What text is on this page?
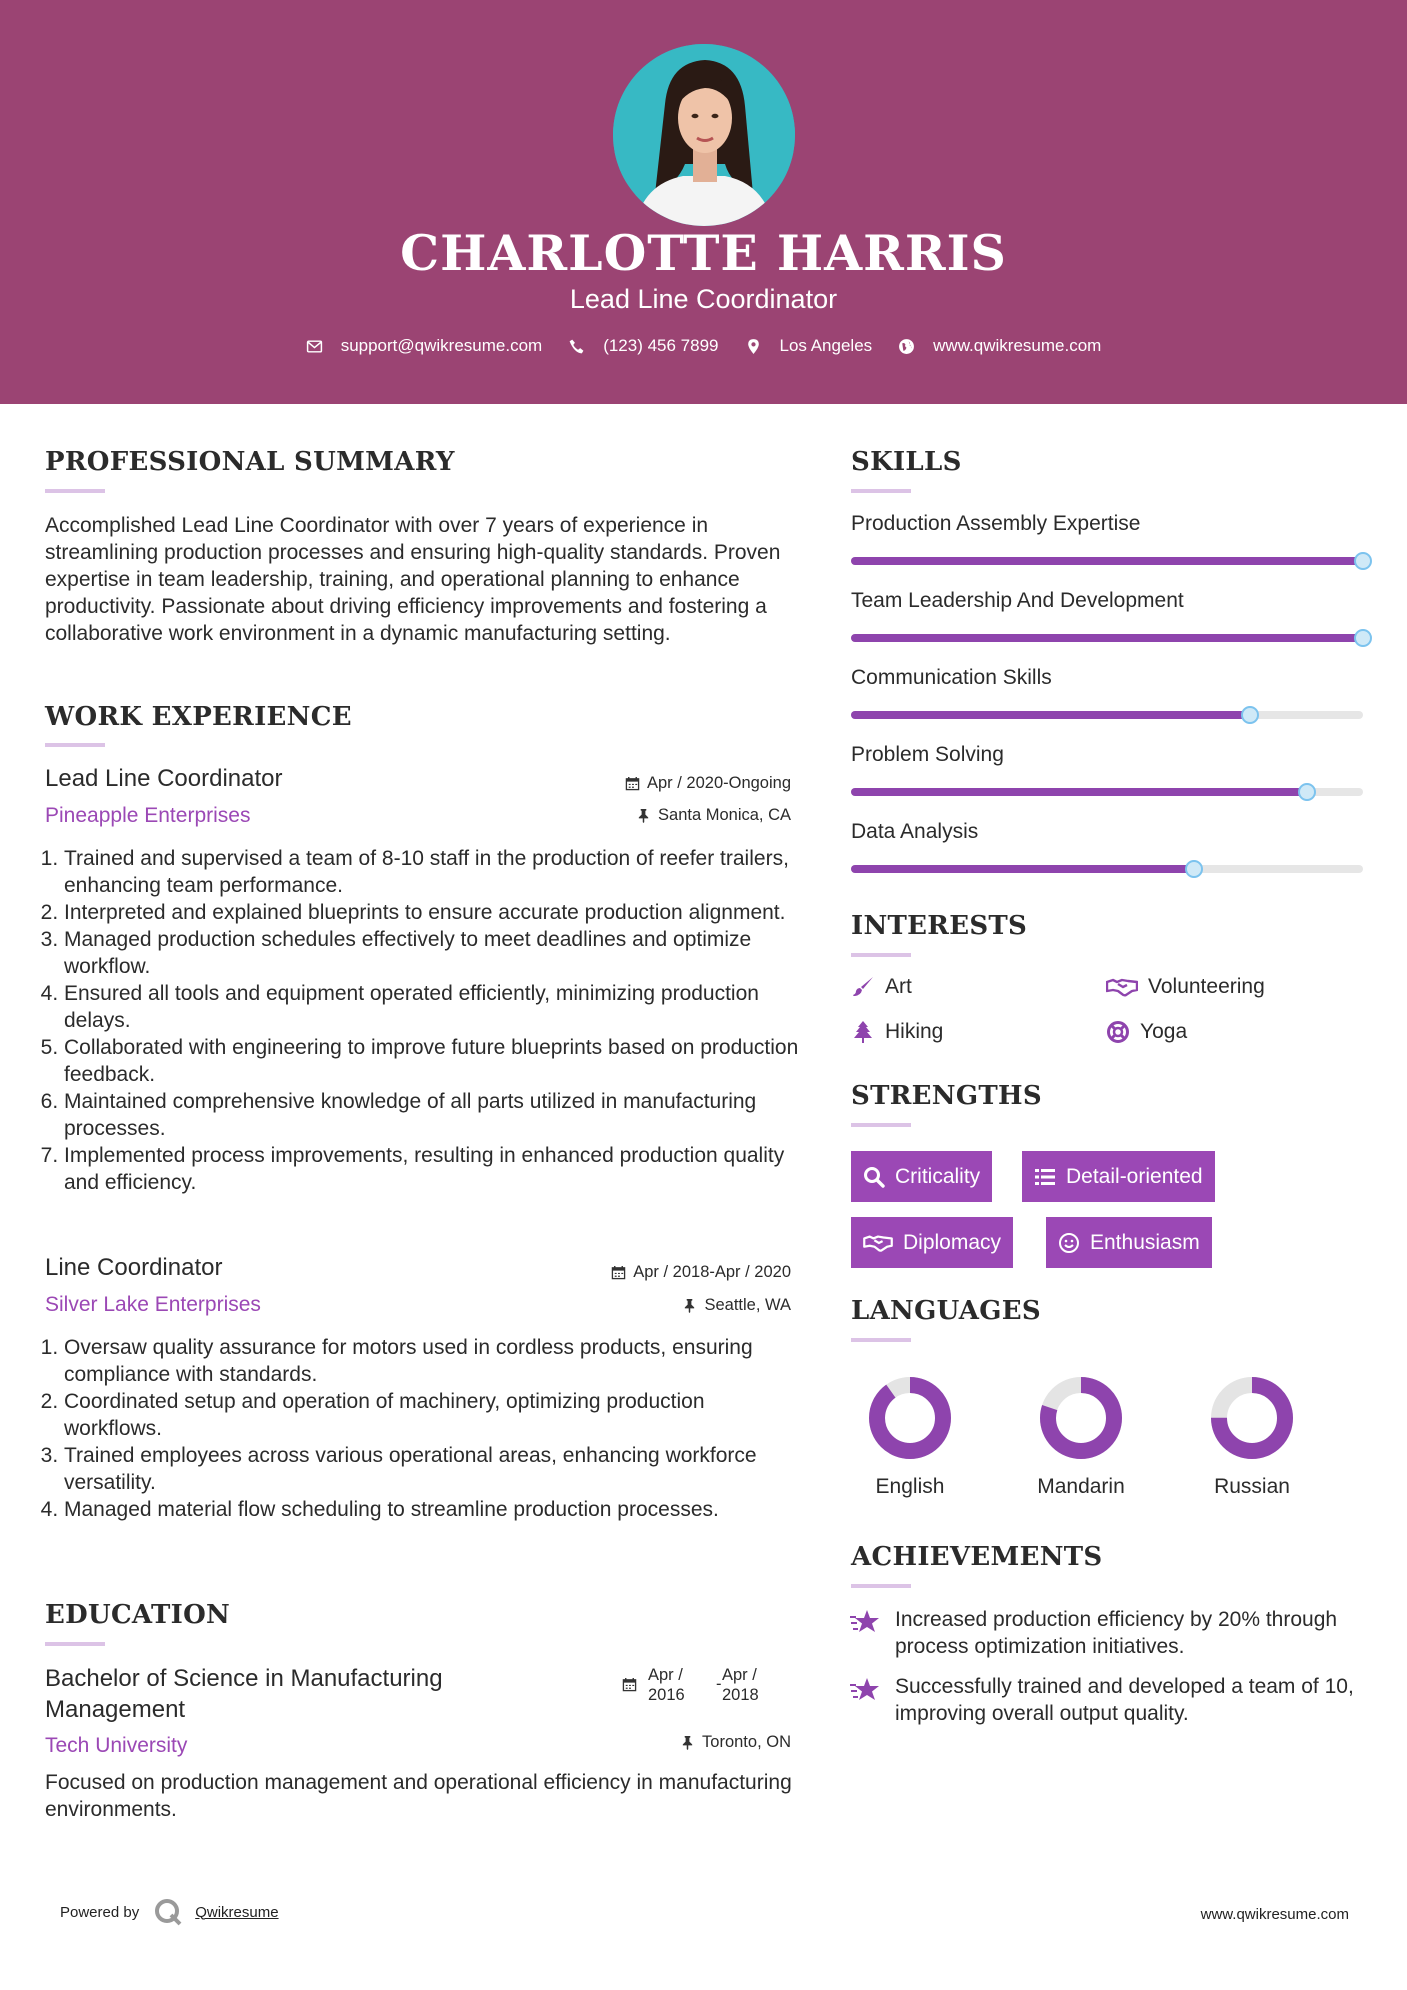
CHARLOTTE HARRIS
Lead Line Coordinator
support@qwikresume.com	(123) 456 7899	Los Angeles	www.qwikresume.com
PROFESSIONAL SUMMARY
Accomplished Lead Line Coordinator with over 7 years of experience in streamlining production processes and ensuring high-quality standards. Proven expertise in team leadership, training, and operational planning to enhance productivity. Passionate about driving efficiency improvements and fostering a collaborative work environment in a dynamic manufacturing setting.
WORK EXPERIENCE
Lead Line Coordinator
Pineapple Enterprises
Apr / 2020-Ongoing
Santa Monica, CA
1. Trained and supervised a team of 8-10 staff in the production of reefer trailers, enhancing team performance.
2. Interpreted and explained blueprints to ensure accurate production alignment.
3. Managed production schedules effectively to meet deadlines and optimize workflow.
4. Ensured all tools and equipment operated efficiently, minimizing production delays.
5. Collaborated with engineering to improve future blueprints based on production feedback.
6. Maintained comprehensive knowledge of all parts utilized in manufacturing processes.
7. Implemented process improvements, resulting in enhanced production quality and efficiency.
Line Coordinator
Silver Lake Enterprises
Apr / 2018-Apr / 2020
Seattle, WA
1. Oversaw quality assurance for motors used in cordless products, ensuring compliance with standards.
2. Coordinated setup and operation of machinery, optimizing production workflows.
3. Trained employees across various operational areas, enhancing workforce versatility.
4. Managed material flow scheduling to streamline production processes.
EDUCATION
Bachelor of Science in Manufacturing Management
Apr / 2016
- Apr / 2018
Tech University	Toronto, ON
Focused on production management and operational efficiency in manufacturing environments.
SKILLS
Production Assembly Expertise
Team Leadership And Development
Communication Skills
Problem Solving
Data Analysis
INTERESTS
Art	Volunteering
Hiking	Yoga
STRENGTHS
Criticality	Detail-oriented
Diplomacy	Enthusiasm
LANGUAGES
English	Mandarin	Russian
ACHIEVEMENTS
Increased production efficiency by 20% through process optimization initiatives.
Successfully trained and developed a team of 10, improving overall output quality.
Powered by	Qwikresume	www.qwikresume.com
